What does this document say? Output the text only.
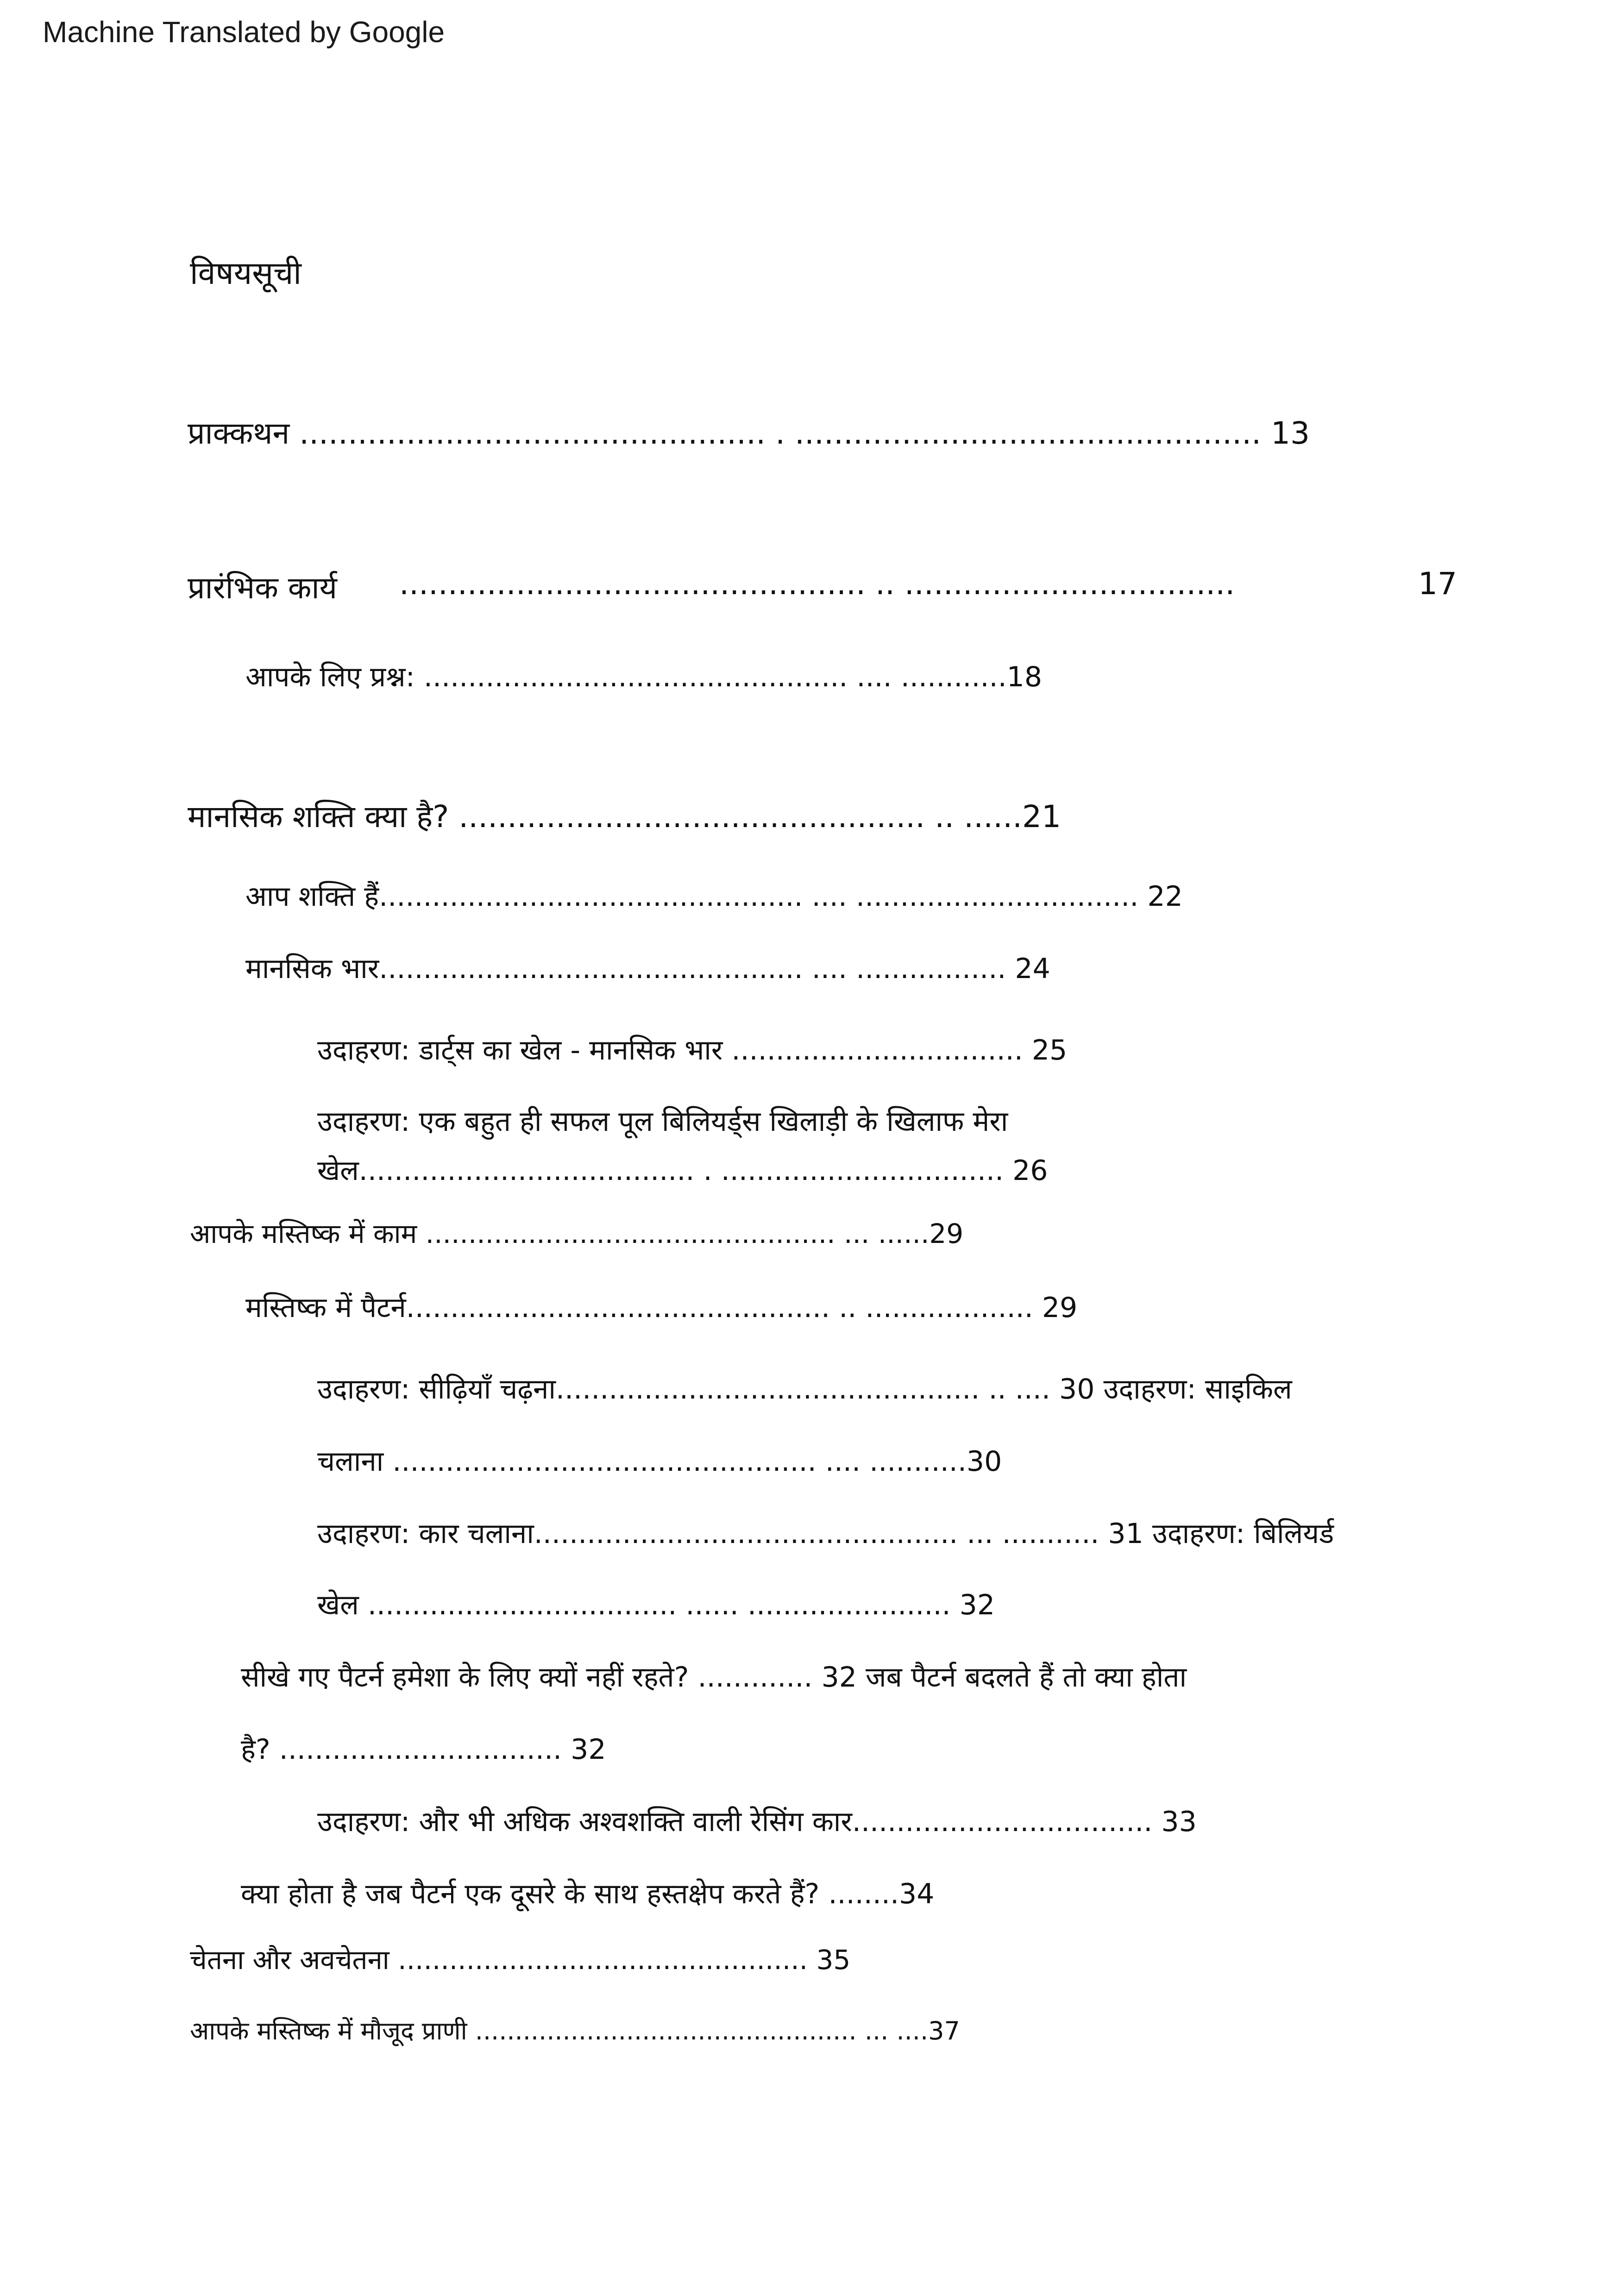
Machine Translated by Google
विषयसूची
प्राक्कथन ................................................ . ................................................ 13
प्रारंभिक कार्य ................................................ .. ..................................	17
आपके लिए प्रश्न: ................................................ .... ............18
मानसिक शक्ति क्या है? ................................................ .. ......21
आप शक्ति हैं................................................ .... ................................ 22
मानसिक भार................................................ .... ................. 24
उदाहरण: डार्ट्स का खेल - मानसिक भार ................................. 25
उदाहरण: एक बहुत ही सफल पूल बिलियर्ड्स खिलाड़ी के खिलाफ मेरा
खेल...................................... . ................................ 26
आपके मस्तिष्क में काम ................................................ ... ......29
मस्तिष्क में पैटर्न................................................ .. ................... 29
उदाहरण: सीढ़ियाँ चढ़ना................................................ .. .... 30 उदाहरण: साइकिल
चलाना ................................................ .... ...........30
उदाहरण: कार चलाना................................................ ... ........... 31 उदाहरण: बिलियर्ड
खेल ................................... ...... ....................... 32
सीखे गए पैटर्न हमेशा के लिए क्यों नहीं रहते? ............. 32 जब पैटर्न बदलते हैं तो क्या होता
है? ................................ 32
उदाहरण: और भी अधिक अश्वशक्ति वाली रेसिंग कार.................................. 33
क्या होता है जब पैटर्न एक दूसरे के साथ हस्तक्षेप करते हैं? ........34
चेतना और अवचेतना ................................................ 35
आपके मस्तिष्क में मौजूद प्राणी ................................................ ... ....37
